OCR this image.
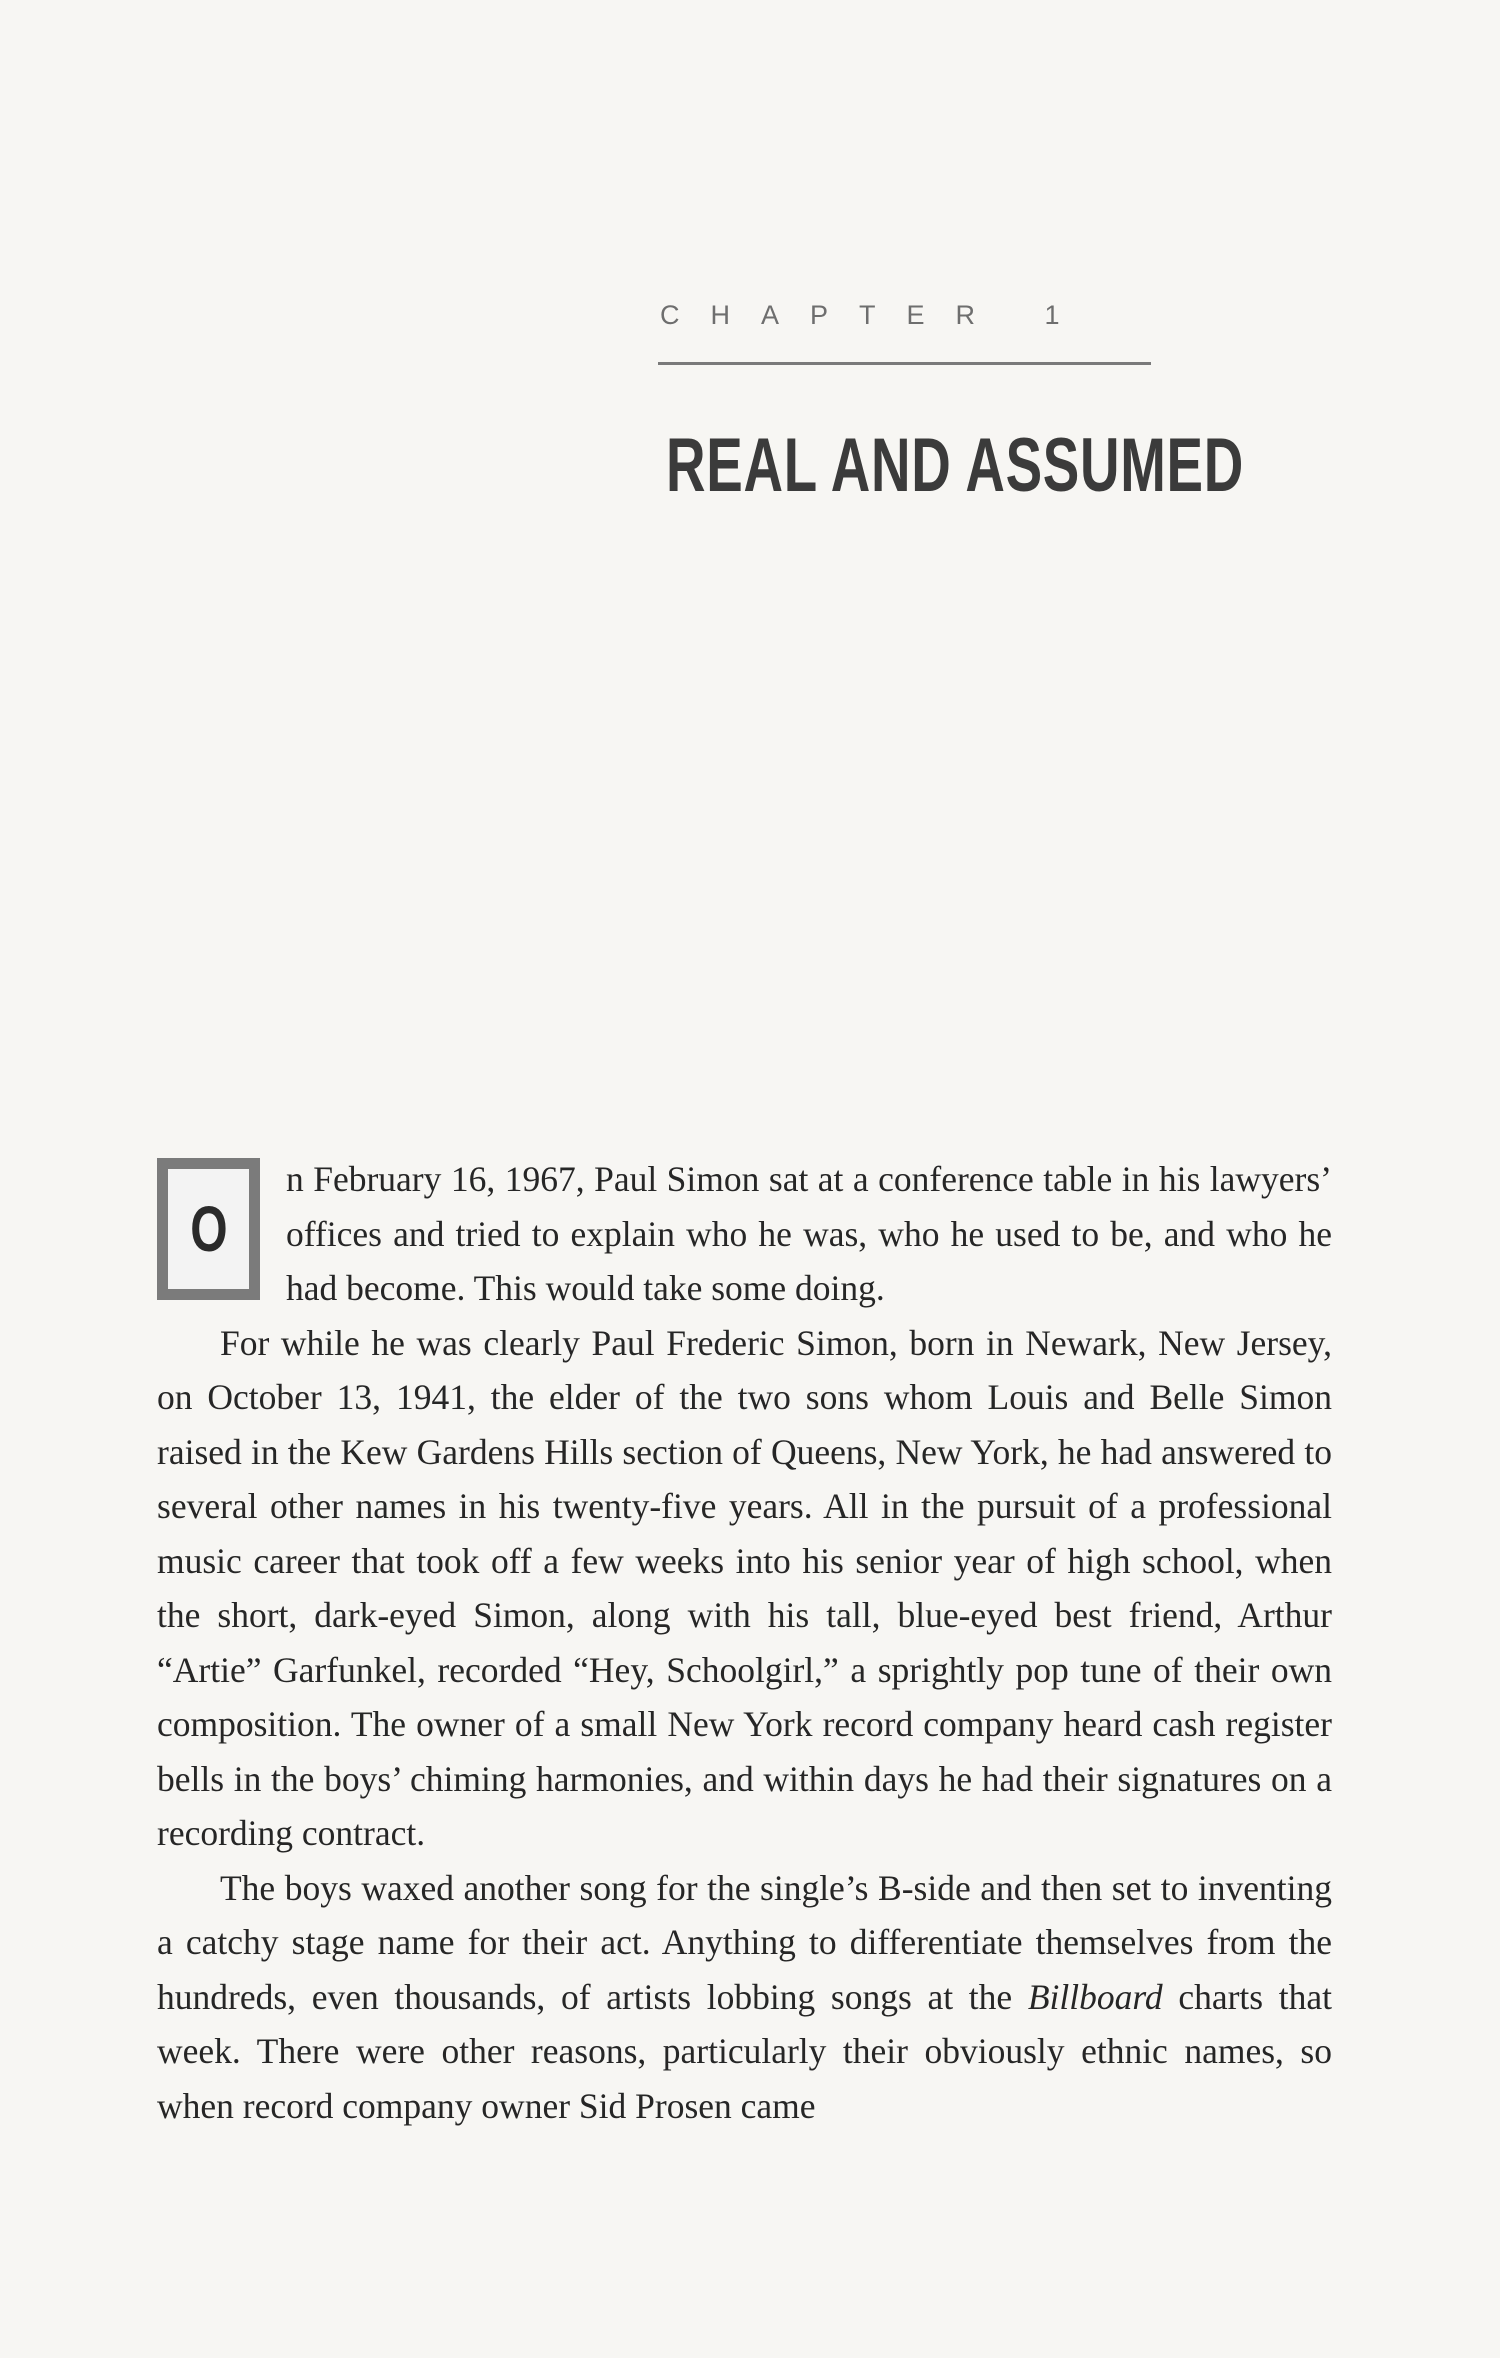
CHAPTER 1
REAL AND ASSUMED

O
n February 16, 1967, Paul Simon sat at a conference table in his lawyers’ offices and tried to explain who he was, who he used to be, and who he had become. This would take some doing.

For while he was clearly Paul Frederic Simon, born in Newark, New Jersey, on October 13, 1941, the elder of the two sons whom Louis and Belle Simon raised in the Kew Gardens Hills section of Queens, New York, he had answered to several other names in his twenty-five years. All in the pursuit of a professional music career that took off a few weeks into his senior year of high school, when the short, dark-eyed Simon, along with his tall, blue-eyed best friend, Arthur “Artie” Garfunkel, recorded “Hey, Schoolgirl,” a sprightly pop tune of their own composition. The owner of a small New York record company heard cash register bells in the boys’ chiming harmonies, and within days he had their signatures on a recording contract.

The boys waxed another song for the single’s B-side and then set to inventing a catchy stage name for their act. Anything to differentiate themselves from the hundreds, even thousands, of artists lobbing songs at the Billboard charts that week. There were other reasons, particularly their obviously ethnic names, so when record company owner Sid Prosen came
